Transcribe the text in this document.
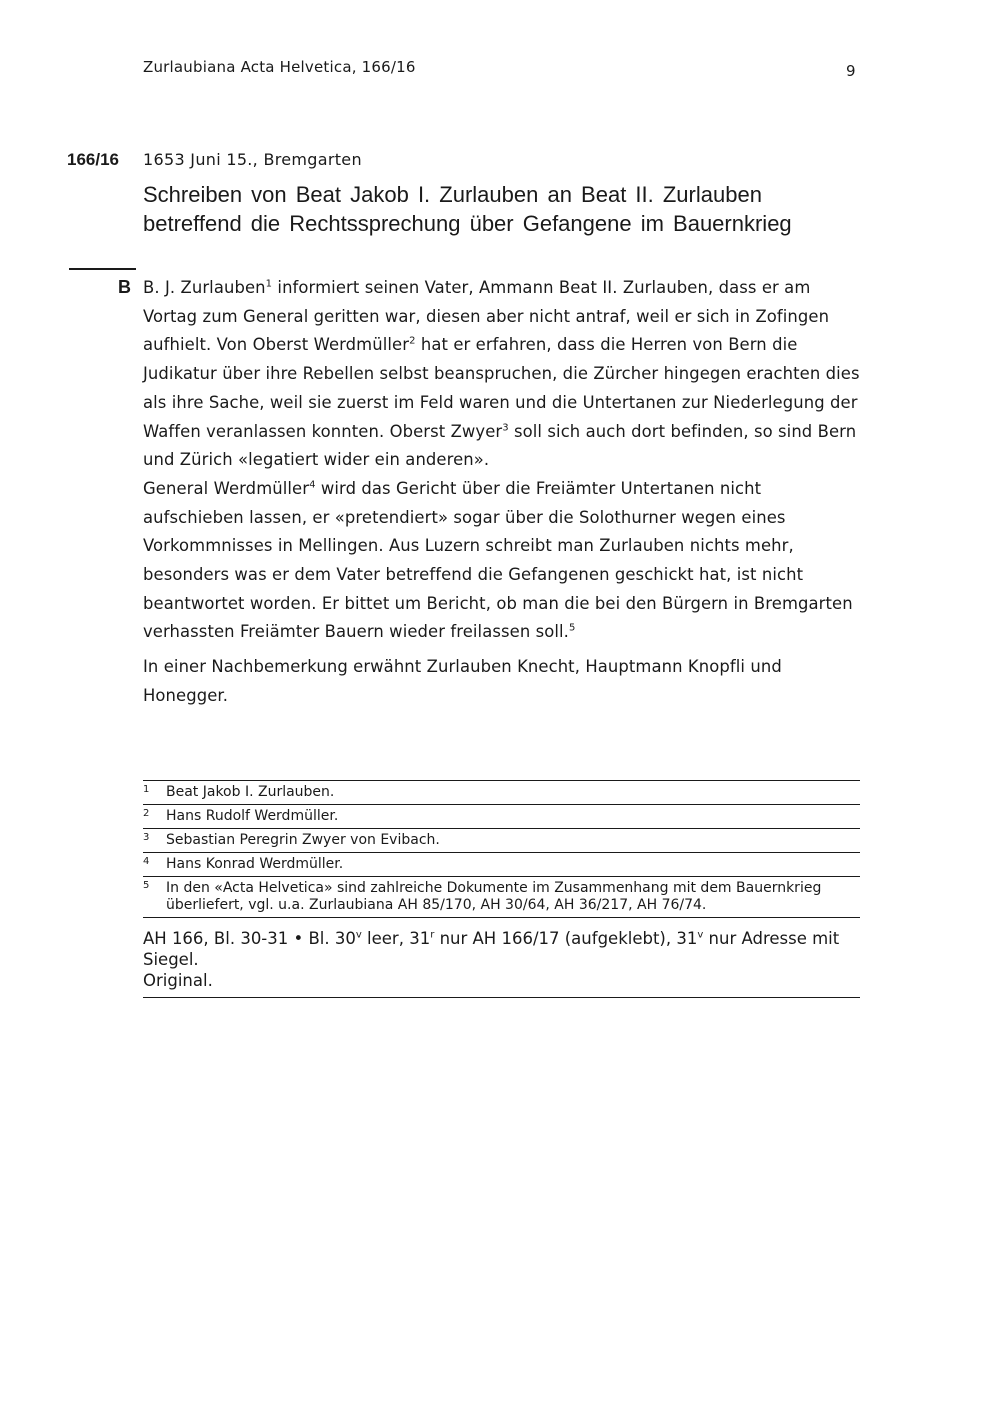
Zurlaubiana Acta Helvetica, 166/16	9
166/16 1653 Juni 15., Bremgarten
Schreiben von Beat Jakob I. Zurlauben an Beat II. Zurlauben betreffend die Rechtssprechung über Gefangene im Bauernkrieg
B B. J. Zurlauben$^1$ informiert seinen Vater, Ammann Beat II. Zurlauben, dass er am Vortag zum General geritten war, diesen aber nicht antraf, weil er sich in Zofingen aufhielt. Von Oberst Werdmüller$^2$ hat er erfahren, dass die Herren von Bern die Judikatur über ihre Rebellen selbst beanspruchen, die Zürcher hingegen erachten dies als ihre Sache, weil sie zuerst im Feld waren und die Untertanen zur Niederlegung der Waffen veranlassen konnten. Oberst Zwyer$^3$ soll sich auch dort befinden, so sind Bern und Zürich «legatiert wider ein anderen».

General Werdmüller$^4$ wird das Gericht über die Freiämter Untertanen nicht aufschieben lassen, er «pretendiert» sogar über die Solothurner wegen eines Vorkommnisses in Mellingen. Aus Luzern schreibt man Zurlauben nichts mehr, besonders was er dem Vater betreffend die Gefangenen geschickt hat, ist nicht beantwortet worden. Er bittet um Bericht, ob man die bei den Bürgern in Bremgarten verhassten Freiämter Bauern wieder freilassen soll.$^5$

In einer Nachbemerkung erwähnt Zurlauben Knecht, Hauptmann Knopfli und Honegger.

1	Beat Jakob I. Zurlauben.
2	Hans Rudolf Werdmüller.
3	Sebastian Peregrin Zwyer von Evibach.
4	Hans Konrad Werdmüller.
5	In den «Acta Helvetica» sind zahlreiche Dokumente im Zusammenhang mit dem Bauernkrieg überliefert, vgl. u.a. Zurlaubiana AH 85/170, AH 30/64, AH 36/217, AH 76/74.

AH 166, Bl. 30-31 • Bl. 30$^v$ leer, 31$^r$ nur AH 166/17 (aufgeklebt), 31$^v$ nur Adresse mit Siegel.

Original.
